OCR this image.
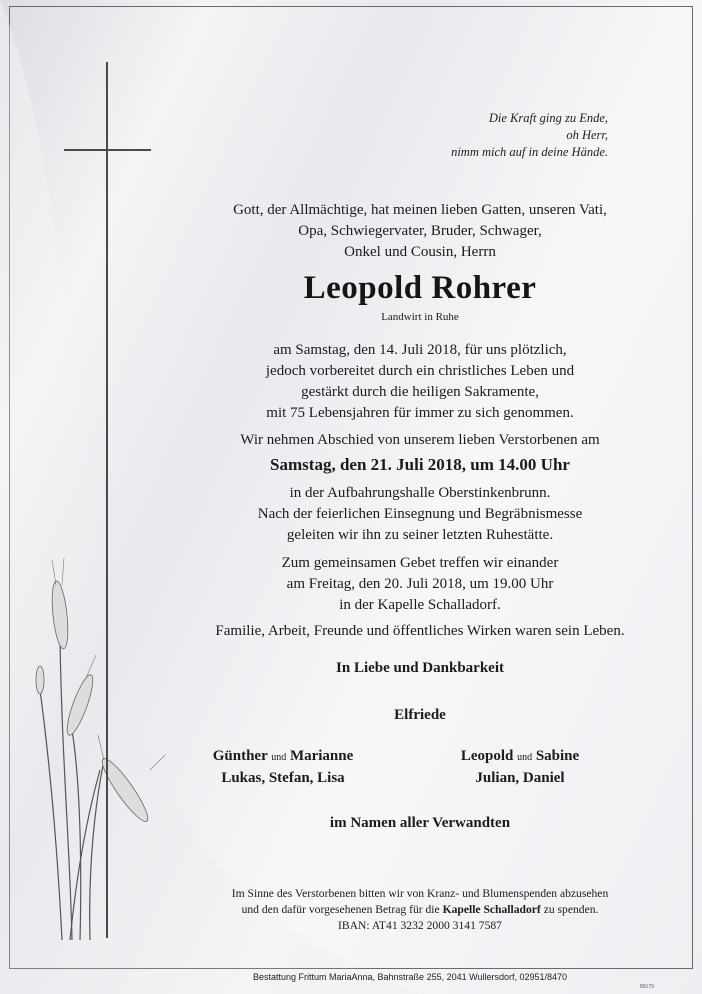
Die Kraft ging zu Ende,
oh Herr,
nimm mich auf in deine Hände.
Gott, der Allmächtige, hat meinen lieben Gatten, unseren Vati,
Opa, Schwiegervater, Bruder, Schwager,
Onkel und Cousin, Herrn
Leopold Rohrer
Landwirt in Ruhe
am Samstag, den 14. Juli 2018, für uns plötzlich,
jedoch vorbereitet durch ein christliches Leben und
gestärkt durch die heiligen Sakramente,
mit 75 Lebensjahren für immer zu sich genommen.
Wir nehmen Abschied von unserem lieben Verstorbenen am
Samstag, den 21. Juli 2018, um 14.00 Uhr
in der Aufbahrungshalle Oberstinkenbrunn.
Nach der feierlichen Einsegnung und Begräbnismesse
geleiten wir ihn zu seiner letzten Ruhestätte.
Zum gemeinsamen Gebet treffen wir einander
am Freitag, den 20. Juli 2018, um 19.00 Uhr
in der Kapelle Schalladorf.
Familie, Arbeit, Freunde und öffentliches Wirken waren sein Leben.
In Liebe und Dankbarkeit
Elfriede
Günther und Marianne
Lukas, Stefan, Lisa
Leopold und Sabine
Julian, Daniel
im Namen aller Verwandten
Im Sinne des Verstorbenen bitten wir von Kranz- und Blumenspenden abzusehen
und den dafür vorgesehenen Betrag für die Kapelle Schalladorf zu spenden.
IBAN: AT41 3232 2000 3141 7587
Bestattung Frittum MariaAnna, Bahnstraße 255, 2041 Wullersdorf, 02951/8470
89179
